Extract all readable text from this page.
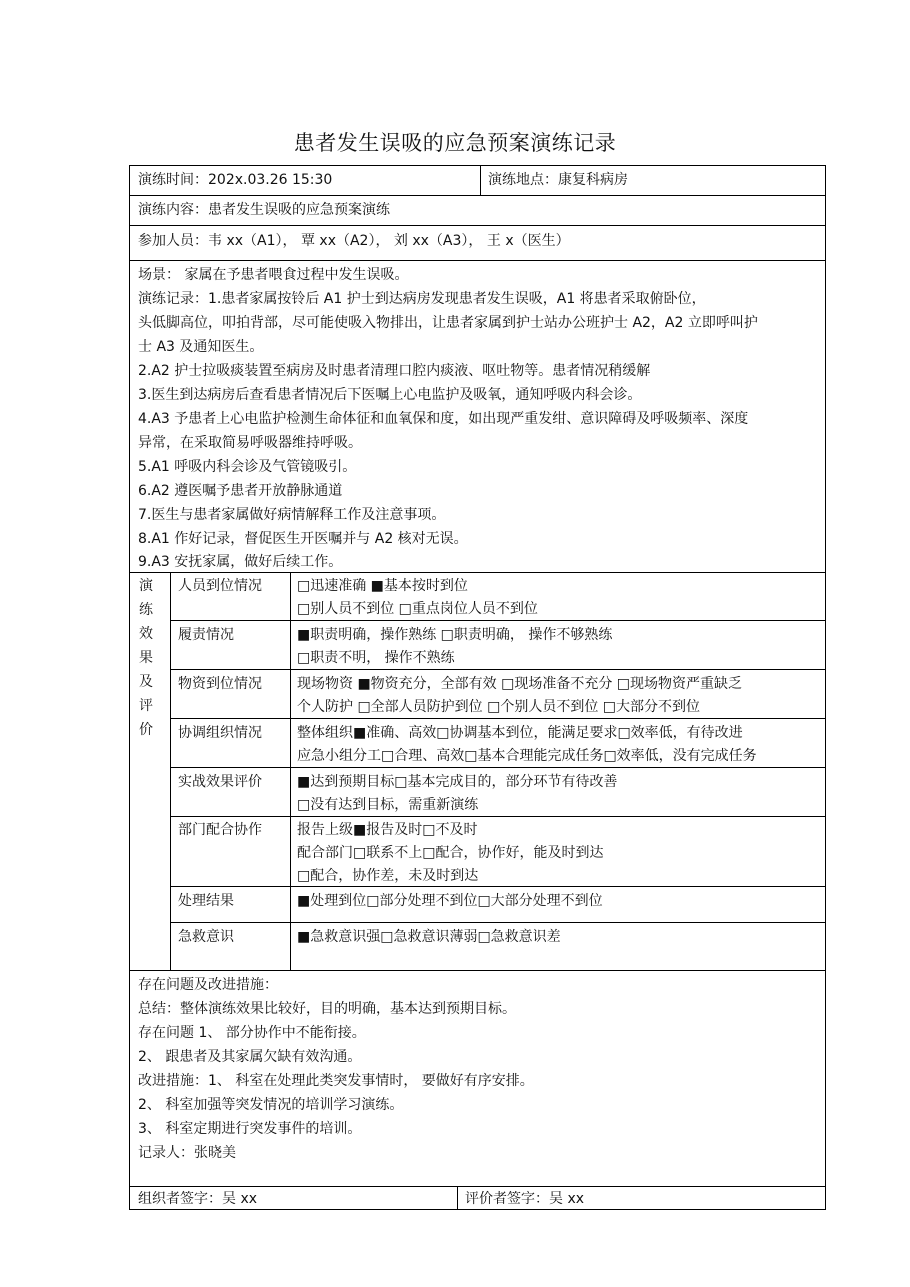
患者发生误吸的应急预案演练记录
演练时间：202x.03.26 15:30	演练地点：康复科病房
演练内容：患者发生误吸的应急预案演练
参加人员：韦 xx（A1）， 覃 xx（A2）， 刘 xx（A3）， 王 x（医生）
场景： 家属在予患者喂食过程中发生误吸。
演练记录：1.患者家属按铃后 A1 护士到达病房发现患者发生误吸，A1 将患者采取俯卧位，
头低脚高位，叩拍背部，尽可能使吸入物排出，让患者家属到护士站办公班护士 A2，A2 立即呼叫护
士 A3 及通知医生。
2.A2 护士拉吸痰装置至病房及时患者清理口腔内痰液、呕吐物等。患者情况稍缓解
3.医生到达病房后查看患者情况后下医嘱上心电监护及吸氧，通知呼吸内科会诊。
4.A3 予患者上心电监护检测生命体征和血氧保和度，如出现严重发绀、意识障碍及呼吸频率、深度
异常，在采取简易呼吸器维持呼吸。
5.A1 呼吸内科会诊及气管镜吸引。
6.A2 遵医嘱予患者开放静脉通道
7.医生与患者家属做好病情解释工作及注意事项。
8.A1 作好记录，督促医生开医嘱并与 A2 核对无误。
9.A3 安抚家属，做好后续工作。
演
练
效
果
及
评
价
人员到位情况	□迅速准确 ■基本按时到位
□别人员不到位 □重点岗位人员不到位
履责情况	■职责明确，操作熟练 □职责明确， 操作不够熟练
□职责不明， 操作不熟练
物资到位情况	现场物资 ■物资充分，全部有效 □现场准备不充分 □现场物资严重缺乏
个人防护 □全部人员防护到位 □个别人员不到位 □大部分不到位
协调组织情况	整体组织■准确、高效□协调基本到位，能满足要求□效率低，有待改进
应急小组分工□合理、高效□基本合理能完成任务□效率低，没有完成任务
实战效果评价	■达到预期目标□基本完成目的，部分环节有待改善
□没有达到目标，需重新演练
部门配合协作	报告上级■报告及时□不及时
配合部门□联系不上□配合，协作好，能及时到达
□配合，协作差，未及时到达
处理结果	■处理到位□部分处理不到位□大部分处理不到位
急救意识	■急救意识强□急救意识薄弱□急救意识差
存在问题及改进措施：
总结：整体演练效果比较好，目的明确，基本达到预期目标。
存在问题 1、 部分协作中不能衔接。
2、 跟患者及其家属欠缺有效沟通。
改进措施：1、 科室在处理此类突发事情时， 要做好有序安排。
2、 科室加强等突发情况的培训学习演练。
3、 科室定期进行突发事件的培训。
记录人：张晓美
组织者签字：吴 xx	评价者签字：吴 xx
